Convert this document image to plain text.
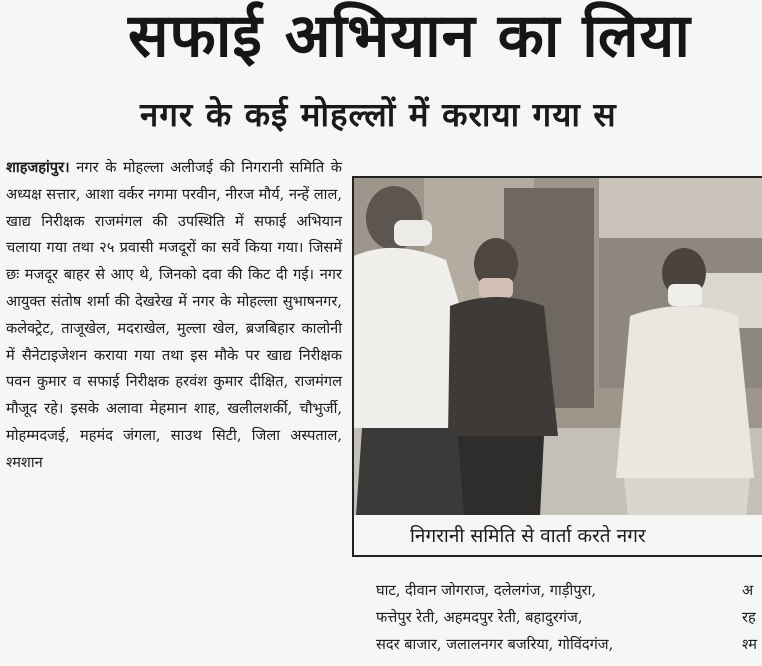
सफाई अभियान का लिया
नगर के कई मोहल्लों में कराया गया स

शाहजहांपुर। नगर के मोहल्ला अलीजई की निगरानी समिति के अध्यक्ष सत्तार, आशा वर्कर नगमा परवीन, नीरज मौर्य, नन्हें लाल, खाद्य निरीक्षक राजमंगल की उपस्थिति में सफाई अभियान चलाया गया तथा २५ प्रवासी मजदूरों का सर्वे किया गया। जिसमें छः मजदूर बाहर से आए थे, जिनको दवा की किट दी गई। नगर आयुक्त संतोष शर्मा की देखरेख में नगर के मोहल्ला सुभाषनगर, कलेक्ट्रेट, ताजूखेल, मदराखेल, मुल्ला खेल, ब्रजबिहार कालोनी में सैनेटाइजेशन कराया गया तथा इस मौके पर खाद्य निरीक्षक पवन कुमार व सफाई निरीक्षक हरवंश कुमार दीक्षित, राजमंगल मौजूद रहे। इसके अलावा मेहमान शाह, खलीलशर्की, चौभुर्जी, मोहम्मदजई, महमंद जंगला, साउथ सिटी, जिला अस्पताल, श्मशान

निगरानी समिति से वार्ता करते नगर
घाट, दीवान जोगराज, दलेलगंज, गाड़ीपुरा,
फत्तेपुर रेती, अहमदपुर रेती, बहादुरगंज,
सदर बाजार, जलालनगर बजरिया, गोविंदगंज,
अ
रह
श्म
